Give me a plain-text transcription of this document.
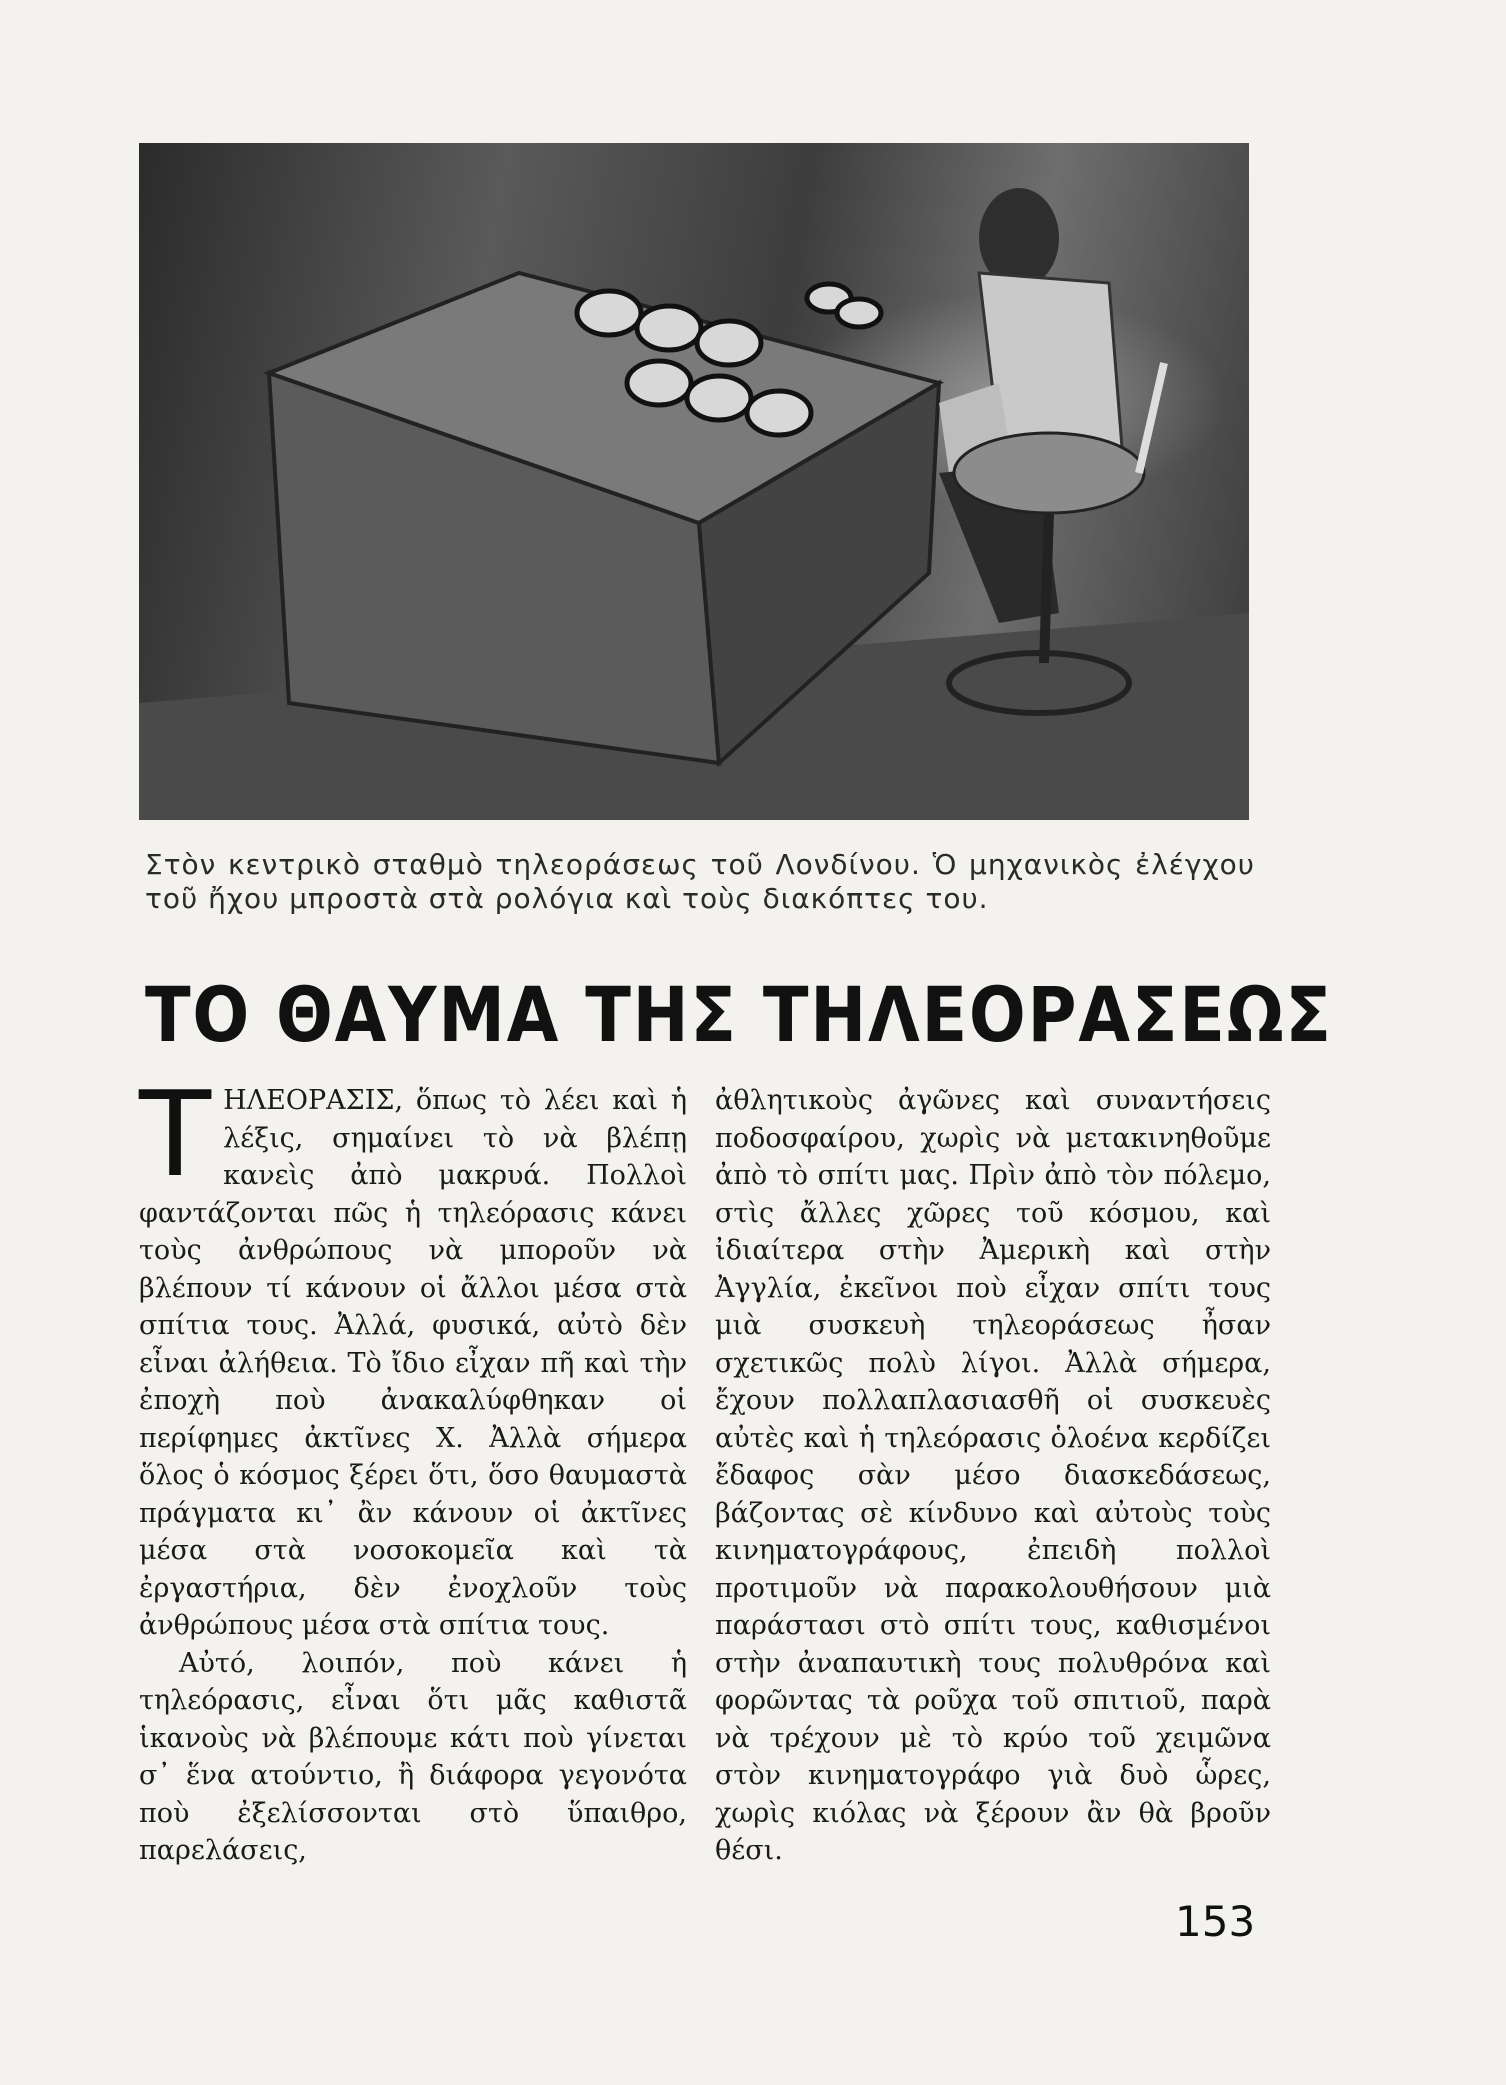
Στὸν κεντρικὸ σταθμὸ τηλεοράσεως τοῦ Λονδίνου. Ὁ μηχανικὸς ἐλέγχου τοῦ ἤχου μπροστὰ στὰ ρολόγια καὶ τοὺς διακόπτες του.
ΤΟ ΘΑΥΜΑ ΤΗΣ ΤΗΛΕΟΡΑΣΕΩΣ

ΤΗΛΕΟΡΑΣΙΣ, ὅπως τὸ λέει καὶ ἡ λέξις, σημαίνει τὸ νὰ βλέπῃ κανεὶς ἀπὸ μακρυά. Πολλοὶ φαντάζονται πῶς ἡ τηλεόρασις κάνει τοὺς ἀνθρώπους νὰ μποροῦν νὰ βλέπουν τί κάνουν οἱ ἄλλοι μέσα στὰ σπίτια τους. Ἀλλά, φυσικά, αὐτὸ δὲν εἶναι ἀλήθεια. Τὸ ἴδιο εἶχαν πῆ καὶ τὴν ἐποχὴ ποὺ ἀνακαλύφθηκαν οἱ περίφημες ἀκτῖνες Χ. Ἀλλὰ σήμερα ὅλος ὁ κόσμος ξέρει ὅτι, ὅσο θαυμαστὰ πράγματα κι᾿ ἂν κάνουν οἱ ἀκτῖνες μέσα στὰ νοσοκομεῖα καὶ τὰ ἐργαστήρια, δὲν ἐνοχλοῦν τοὺς ἀνθρώπους μέσα στὰ σπίτια τους.

Αὐτό, λοιπόν, ποὺ κάνει ἡ τηλεόρασις, εἶναι ὅτι μᾶς καθιστᾶ ἱκανοὺς νὰ βλέπουμε κάτι ποὺ γίνεται σ᾿ ἕνα ατούντιο, ἢ διάφορα γεγονότα ποὺ ἐξελίσσονται στὸ ὕπαιθρο, παρελάσεις,

ἀθλητικοὺς ἀγῶνες καὶ συναντήσεις ποδοσφαίρου, χωρὶς νὰ μετακινηθοῦμε ἀπὸ τὸ σπίτι μας. Πρὶν ἀπὸ τὸν πόλεμο, στὶς ἄλλες χῶρες τοῦ κόσμου, καὶ ἰδιαίτερα στὴν Ἀμερικὴ καὶ στὴν Ἀγγλία, ἐκεῖνοι ποὺ εἶχαν σπίτι τους μιὰ συσκευὴ τηλεοράσεως ἦσαν σχετικῶς πολὺ λίγοι. Ἀλλὰ σήμερα, ἔχουν πολλαπλασιασθῆ οἱ συσκευὲς αὐτὲς καὶ ἡ τηλεόρασις ὁλοένα κερδίζει ἔδαφος σὰν μέσο διασκεδάσεως, βάζοντας σὲ κίνδυνο καὶ αὐτοὺς τοὺς κινηματογράφους, ἐπειδὴ πολλοὶ προτιμοῦν νὰ παρακολουθήσουν μιὰ παράστασι στὸ σπίτι τους, καθισμένοι στὴν ἀναπαυτικὴ τους πολυθρόνα καὶ φορῶντας τὰ ροῦχα τοῦ σπιτιοῦ, παρὰ νὰ τρέχουν μὲ τὸ κρύο τοῦ χειμῶνα στὸν κινηματογράφο γιὰ δυὸ ὧρες, χωρὶς κιόλας νὰ ξέρουν ἂν θὰ βροῦν θέσι.

153
